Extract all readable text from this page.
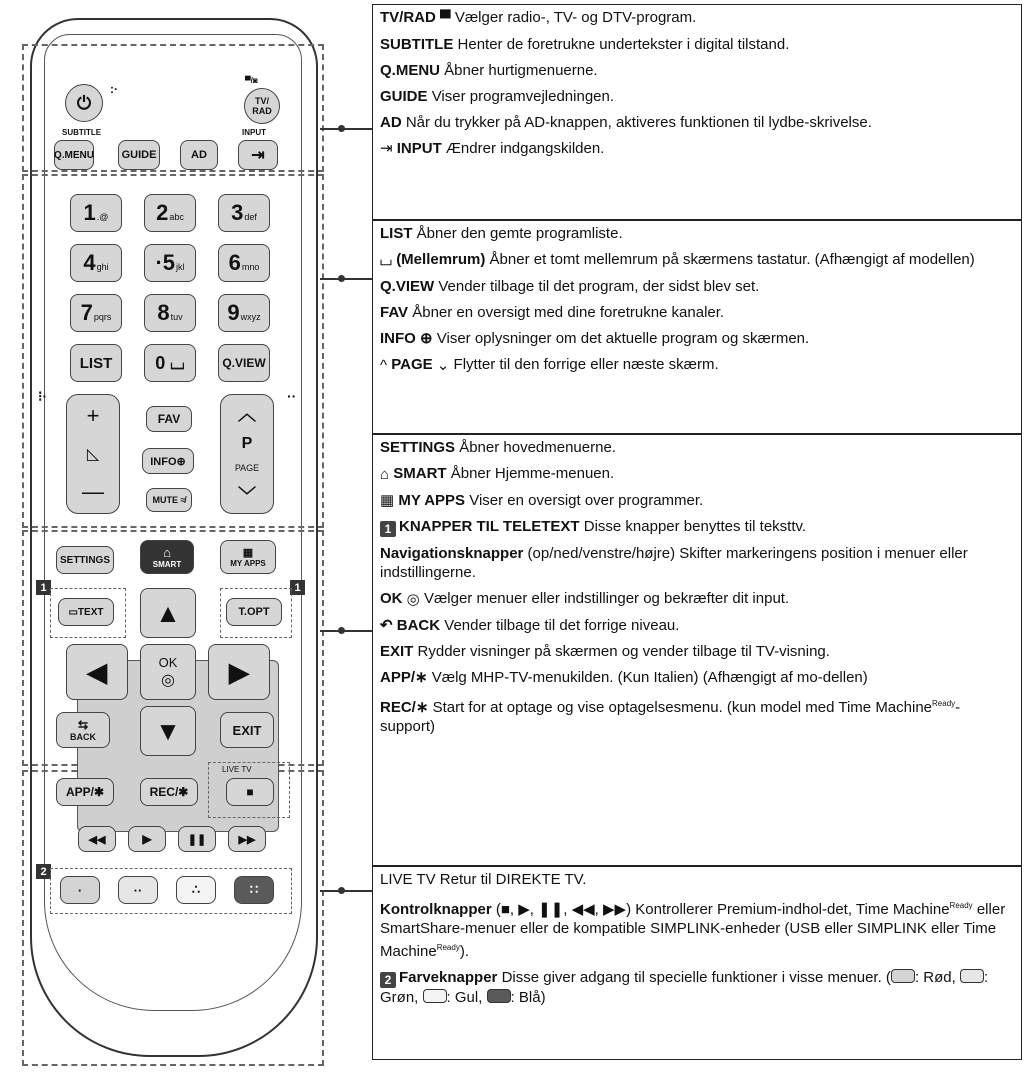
⏻
:·
▀/◙
TV/
RAD
SUBTITLE	INPUT
Q.MENU	GUIDE	AD	⇥
1 .@ 2 abc 3 def
4 ghi ·5 jkl 6 mno
7 pqrs 8 tuv 9 wxyz
LIST	0 ⌴	Q.VIEW
⁝·
+
◺
—
FAV
INFO⊕
MUTE ≉
··
︿
P
PAGE
﹀
SETTINGS	⌂
SMART
▦
MY APPS
1	1
▭TEXT	T.OPT
▲
◀	OK
◎	▶
▼
⇆
BACK	EXIT
APP/✱	REC/✱
LIVE TV
■
◀◀	▶	❚❚	▶▶
2
·	··	∴	∷

TV/RAD ▀ Vælger radio-, TV- og DTV-program.

SUBTITLE Henter de foretrukne undertekster i digital tilstand.

Q.MENU Åbner hurtigmenuerne.

GUIDE Viser programvejledningen.

AD Når du trykker på AD-knappen, aktiveres funktionen til lydbe-skrivelse.

⇥ INPUT Ændrer indgangskilden.

LIST Åbner den gemte programliste.

⌴ (Mellemrum) Åbner et tomt mellemrum på skærmens tastatur. (Afhængigt af modellen)

Q.VIEW Vender tilbage til det program, der sidst blev set.

FAV Åbner en oversigt med dine foretrukne kanaler.

INFO ⊕ Viser oplysninger om det aktuelle program og skærmen.

^ PAGE ⌄ Flytter til den forrige eller næste skærm.

SETTINGS Åbner hovedmenuerne.

⌂ SMART Åbner Hjemme-menuen.

▦ MY APPS Viser en oversigt over programmer.

1 KNAPPER TIL TELETEXT Disse knapper benyttes til teksttv.

Navigationsknapper (op/ned/venstre/højre) Skifter markeringens position i menuer eller indstillingerne.

OK ◎ Vælger menuer eller indstillinger og bekræfter dit input.

↶ BACK Vender tilbage til det forrige niveau.

EXIT Rydder visninger på skærmen og vender tilbage til TV-visning.

APP/∗ Vælg MHP-TV-menukilden. (Kun Italien) (Afhængigt af mo-dellen)

REC/∗ Start for at optage og vise optagelsesmenu. (kun model med Time Machine$^{Ready}$-support)

LIVE TV Retur til DIREKTE TV.

Kontrolknapper (■, ▶, ❚❚, ◀◀, ▶▶) Kontrollerer Premium-indhol-det, Time Machine$^{Ready}$ eller SmartShare-menuer eller de kompatible SIMPLINK-enheder (USB eller SIMPLINK eller Time Machine$^{Ready}$).

2 Farveknapper Disse giver adgang til specielle funktioner i visse menuer. ( : Rød, : Grøn, : Gul, : Blå)
